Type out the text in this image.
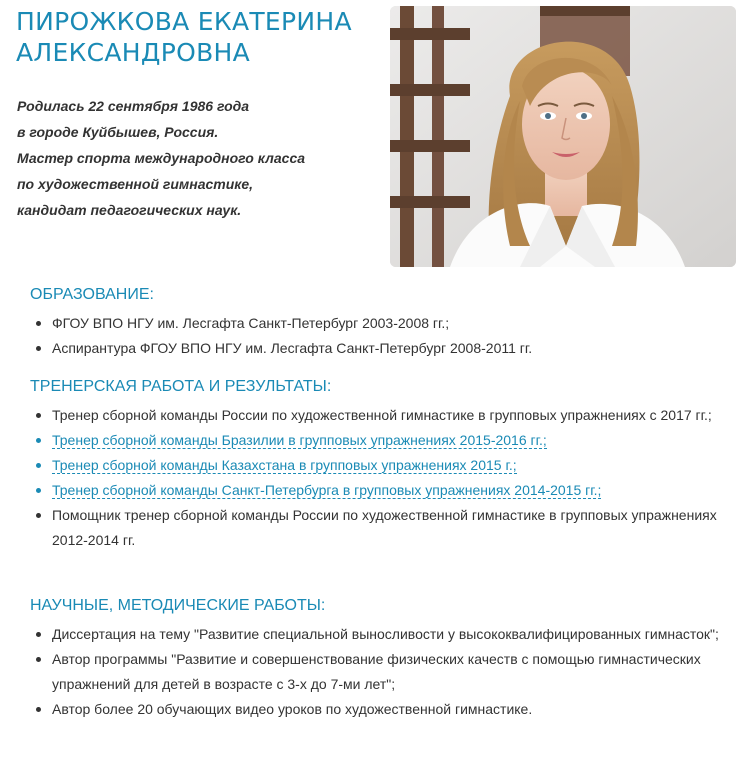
ПИРОЖКОВА ЕКАТЕРИНА
АЛЕКСАНДРОВНА

Родилась 22 сентября 1986 года
в городе Куйбышев, Россия.
Мастер спорта международного класса
по художественной гимнастике,
кандидат педагогических наук.

ОБРАЗОВАНИЕ:
ФГОУ ВПО НГУ им. Лесгафта Санкт-Петербург 2003-2008 гг.;
Аспирантура ФГОУ ВПО НГУ им. Лесгафта Санкт-Петербург 2008-2011 гг.
ТРЕНЕРСКАЯ РАБОТА И РЕЗУЛЬТАТЫ:
Тренер сборной команды России по художественной гимнастике в групповых упражнениях с 2017 гг.;
Тренер сборной команды Бразилии в групповых упражнениях 2015-2016 гг.;
Тренер сборной команды Казахстана в групповых упражнениях 2015 г.;
Тренер сборной команды Санкт-Петербурга в групповых упражнениях 2014-2015 гг.;
Помощник тренер сборной команды России по художественной гимнастике в групповых упражнениях 2012-2014 гг.
НАУЧНЫЕ, МЕТОДИЧЕСКИЕ РАБОТЫ:
Диссертация на тему "Развитие специальной выносливости у высококвалифицированных гимнасток";
Автор программы "Развитие и совершенствование физических качеств с помощью гимнастических упражнений для детей в возрасте с 3-х до 7-ми лет";
Автор более 20 обучающих видео уроков по художественной гимнастике.
